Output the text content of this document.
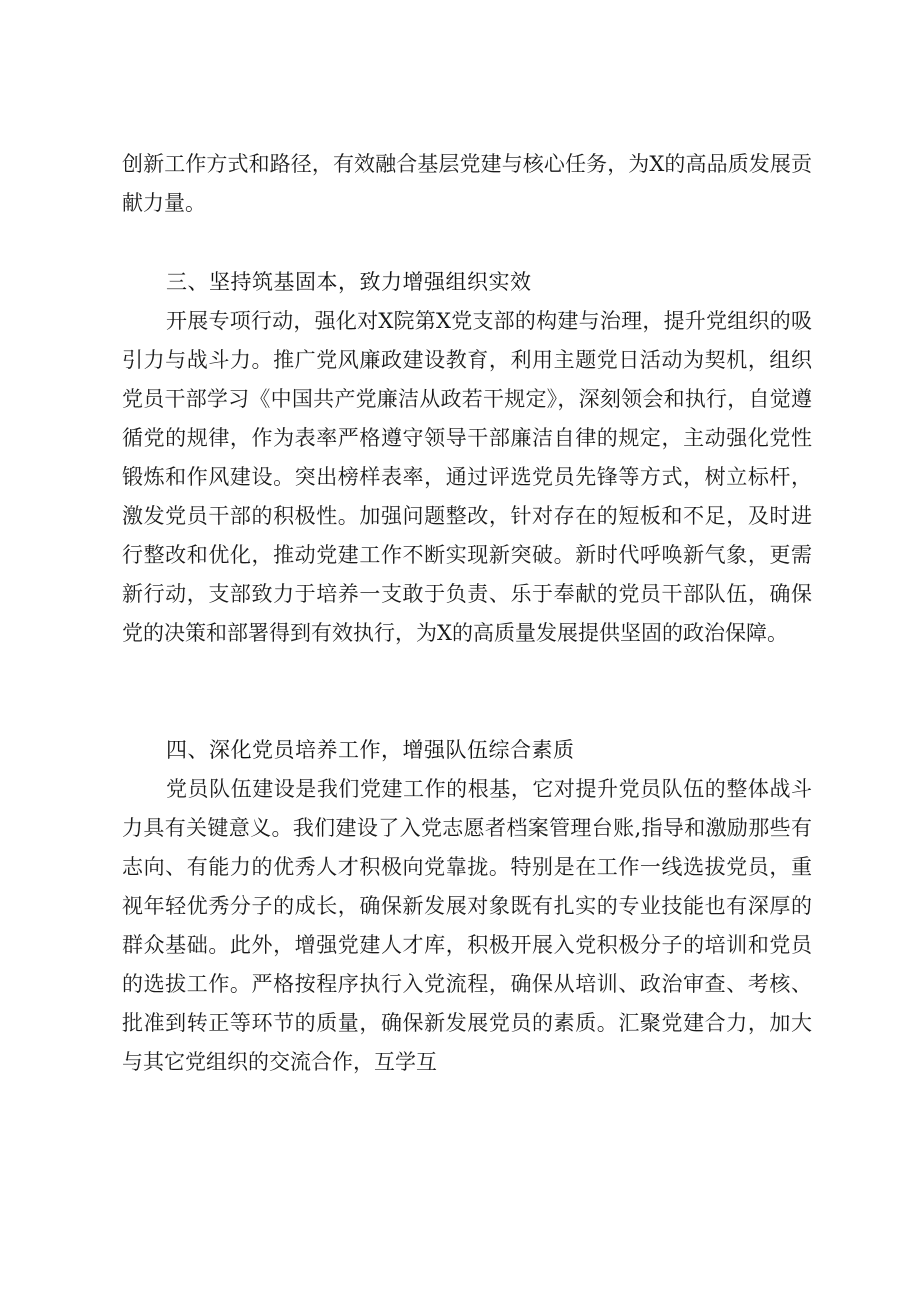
创新工作方式和路径，有效融合基层党建与核心任务，为X的高品质发展贡献力量。

三、坚持筑基固本，致力增强组织实效

开展专项行动，强化对X院第X党支部的构建与治理，提升党组织的吸引力与战斗力。推广党风廉政建设教育，利用主题党日活动为契机，组织党员干部学习《中国共产党廉洁从政若干规定》，深刻领会和执行，自觉遵循党的规律，作为表率严格遵守领导干部廉洁自律的规定，主动强化党性锻炼和作风建设。突出榜样表率，通过评选党员先锋等方式，树立标杆，激发党员干部的积极性。加强问题整改，针对存在的短板和不足，及时进行整改和优化，推动党建工作不断实现新突破。新时代呼唤新气象，更需新行动，支部致力于培养一支敢于负责、乐于奉献的党员干部队伍，确保党的决策和部署得到有效执行，为X的高质量发展提供坚固的政治保障。

四、深化党员培养工作，增强队伍综合素质

党员队伍建设是我们党建工作的根基，它对提升党员队伍的整体战斗力具有关键意义。我们建设了入党志愿者档案管理台账,指导和激励那些有志向、有能力的优秀人才积极向党靠拢。特别是在工作一线选拔党员，重视年轻优秀分子的成长，确保新发展对象既有扎实的专业技能也有深厚的群众基础。此外，增强党建人才库，积极开展入党积极分子的培训和党员的选拔工作。严格按程序执行入党流程，确保从培训、政治审查、考核、批准到转正等环节的质量，确保新发展党员的素质。汇聚党建合力，加大与其它党组织的交流合作，互学互
